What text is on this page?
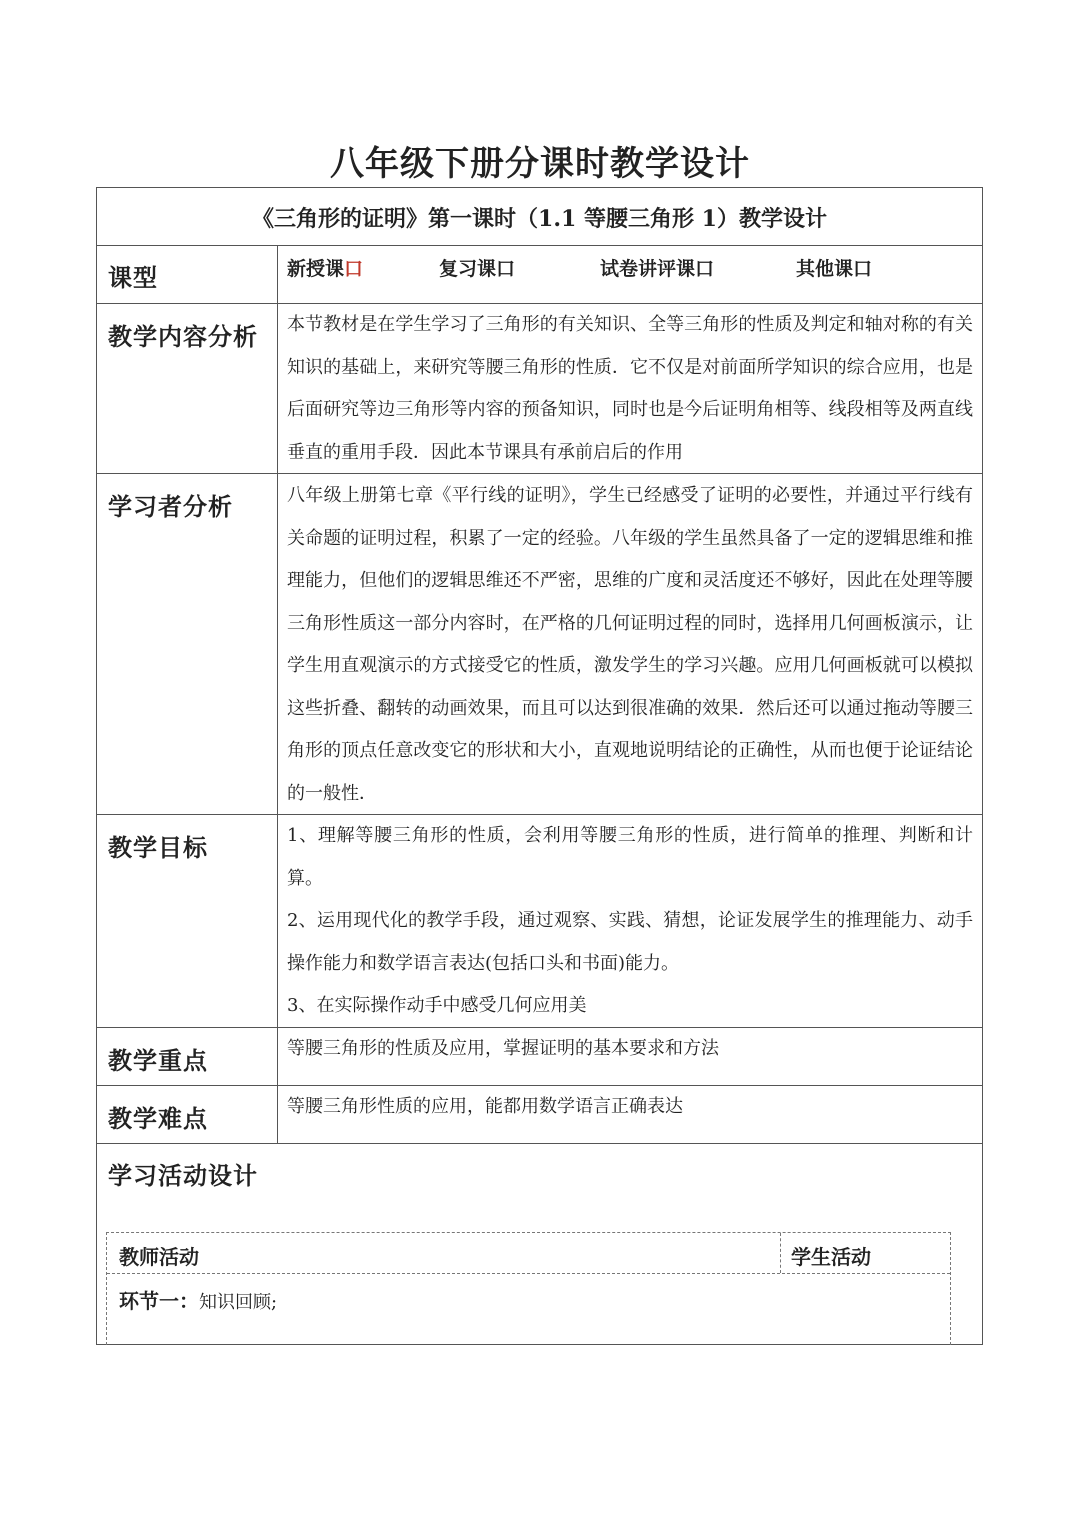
八年级下册分课时教学设计
《三角形的证明》第一课时（1.1 等腰三角形 1）教学设计
课型	新授课口	复习课口	试卷讲评课口	其他课口
教学内容分析 本节教材是在学生学习了三角形的有关知识、全等三角形的性质及判定和轴对称的有关知识的基础上，来研究等腰三角形的性质．它不仅是对前面所学知识的综合应用，也是后面研究等边三角形等内容的预备知识，同时也是今后证明角相等、线段相等及两直线垂直的重用手段．因此本节课具有承前启后的作用

学习者分析	八年级上册第七章《平行线的证明》，学生已经感受了证明的必要性，并通过平行线有关命题的证明过程，积累了一定的经验。八年级的学生虽然具备了一定的逻辑思维和推理能力，但他们的逻辑思维还不严密，思维的广度和灵活度还不够好，因此在处理等腰三角形性质这一部分内容时，在严格的几何证明过程的同时，选择用几何画板演示，让学生用直观演示的方式接受它的性质，激发学生的学习兴趣。应用几何画板就可以模拟这些折叠、翻转的动画效果，而且可以达到很准确的效果．然后还可以通过拖动等腰三角形的顶点任意改变它的形状和大小，直观地说明结论的正确性，从而也便于论证结论的一般性．

教学目标	1、理解等腰三角形的性质，会利用等腰三角形的性质，进行简单的推理、判断和计算。
2、运用现代化的教学手段，通过观察、实践、猜想，论证发展学生的推理能力、动手操作能力和数学语言表达(包括口头和书面)能力。
3、在实际操作动手中感受几何应用美
教学重点	等腰三角形的性质及应用，掌握证明的基本要求和方法

教学难点	等腰三角形性质的应用，能都用数学语言正确表达

学习活动设计
教师活动	学生活动
环节一：知识回顾;
